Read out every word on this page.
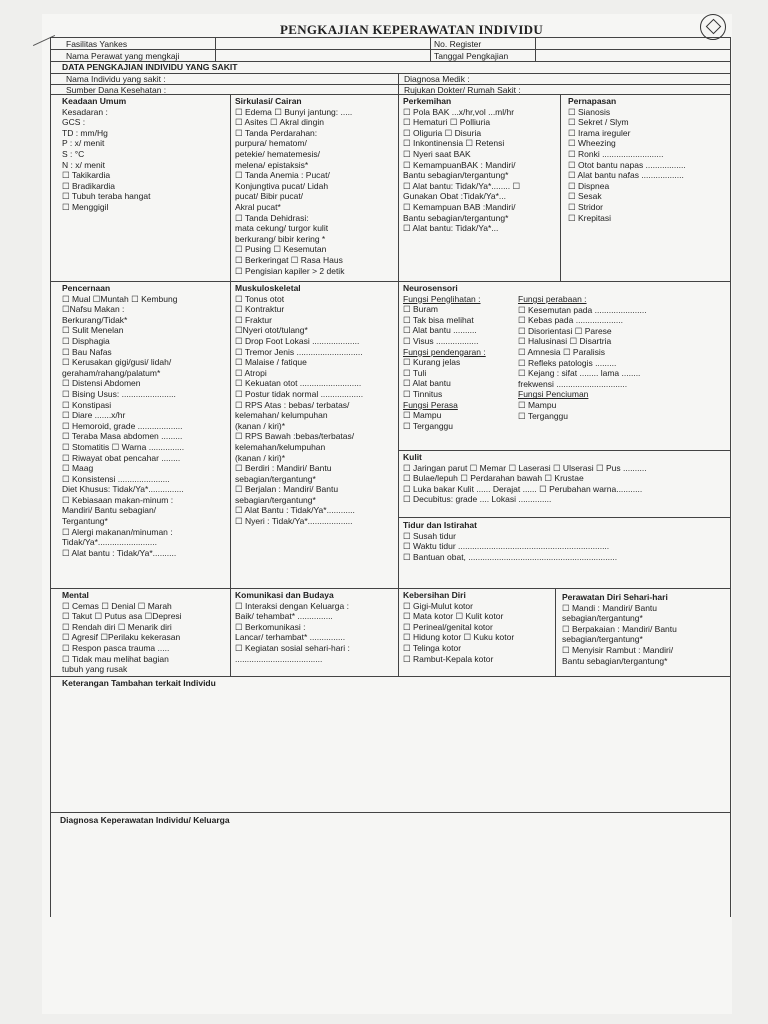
PENGKAJIAN KEPERAWATAN INDIVIDU
Fasilitas Yankes
Nama Perawat yang mengkaji
No. Register
Tanggal Pengkajian
DATA PENGKAJIAN INDIVIDU YANG SAKIT
Nama Individu yang sakit :
Sumber Dana Kesehatan :
Diagnosa Medik :
Rujukan Dokter/ Rumah Sakit :
Keadaan Umum
Kesadaran :
GCS :
TD : mm/Hg
P : x/ menit
S : °C
N : x/ menit
☐ Takikardia
☐ Bradikardia
☐ Tubuh teraba hangat
☐ Menggigil
Sirkulasi/ Cairan
☐ Edema ☐ Bunyi jantung: .....
☐ Asites ☐ Akral dingin
☐ Tanda Perdarahan:
purpura/ hematom/
petekie/ hematemesis/
melena/ epistaksis*
☐ Tanda Anemia : Pucat/
Konjungtiva pucat/ Lidah
pucat/ Bibir pucat/
Akral pucat*
☐ Tanda Dehidrasi:
mata cekung/ turgor kulit
berkurang/ bibir kering *
☐ Pusing ☐ Kesemutan
☐ Berkeringat ☐ Rasa Haus
☐ Pengisian kapiler > 2 detik
Perkemihan
☐ Pola BAK ...x/hr,vol ...ml/hr
☐ Hematuri ☐ Polliuria
☐ Oliguria ☐ Disuria
☐ Inkontinensia ☐ Retensi
☐ Nyeri saat BAK
☐ KemampuanBAK : Mandiri/
Bantu sebagian/tergantung*
☐ Alat bantu: Tidak/Ya*........ ☐
Gunakan Obat :Tidak/Ya*...
☐ Kemampuan BAB :Mandiri/
Bantu sebagian/tergantung*
☐ Alat bantu: Tidak/Ya*...
Pernapasan
☐ Sianosis
☐ Sekret / Slym
☐ Irama ireguler
☐ Wheezing
☐ Ronki ..........................
☐ Otot bantu napas .................
☐ Alat bantu nafas ..................
☐ Dispnea
☐ Sesak
☐ Stridor
☐ Krepitasi
Pencernaan
☐ Mual ☐Muntah ☐ Kembung
☐Nafsu Makan :
Berkurang/Tidak*
☐ Sulit Menelan
☐ Disphagia
☐ Bau Nafas
☐ Kerusakan gigi/gusi/ lidah/
geraham/rahang/palatum*
☐ Distensi Abdomen
☐ Bising Usus: .......................
☐ Konstipasi
☐ Diare .......x/hr
☐ Hemoroid, grade ...................
☐ Teraba Masa abdomen .........
☐ Stomatitis ☐ Warna ...............
☐ Riwayat obat pencahar ........
☐ Maag
☐ Konsistensi ......................
Diet Khusus: Tidak/Ya*...............
☐ Kebiasaan makan-minum :
Mandiri/ Bantu sebagian/
Tergantung*
☐ Alergi makanan/minuman :
Tidak/Ya*.........................
☐ Alat bantu : Tidak/Ya*..........
Muskuloskeletal
☐ Tonus otot
☐ Kontraktur
☐ Fraktur
☐Nyeri otot/tulang*
☐ Drop Foot Lokasi ....................
☐ Tremor Jenis ............................
☐ Malaise / fatique
☐ Atropi
☐ Kekuatan otot ..........................
☐ Postur tidak normal ..................
☐ RPS Atas : bebas/ terbatas/
kelemahan/ kelumpuhan
(kanan / kiri)*
☐ RPS Bawah :bebas/terbatas/
kelemahan/kelumpuhan
(kanan / kiri)*
☐ Berdiri : Mandiri/ Bantu
sebagian/tergantung*
☐ Berjalan : Mandiri/ Bantu
sebagian/tergantung*
☐ Alat Bantu : Tidak/Ya*............
☐ Nyeri : Tidak/Ya*...................
Neurosensori
Fungsi Penglihatan :
☐ Buram
☐ Tak bisa melihat
☐ Alat bantu ..........
☐ Visus ..................
Fungsi pendengaran :
☐ Kurang jelas
☐ Tuli
☐ Alat bantu
☐ Tinnitus
Fungsi Perasa
☐ Mampu
☐ Terganggu
Fungsi perabaan :
☐ Kesemutan pada ......................
☐ Kebas pada ....................
☐ Disorientasi ☐ Parese
☐ Halusinasi ☐ Disartria
☐ Amnesia ☐ Paralisis
☐ Refleks patologis .........
☐ Kejang : sifat ........ lama ........
frekwensi ..............................
Fungsi Penciuman
☐ Mampu
☐ Terganggu
Kulit
☐ Jaringan parut ☐ Memar ☐ Laserasi ☐ Ulserasi ☐ Pus ..........
☐ Bulae/lepuh ☐ Perdarahan bawah ☐ Krustae
☐ Luka bakar Kulit ...... Derajat ...... ☐ Perubahan warna...........
☐ Decubitus: grade .... Lokasi ..............
Tidur dan Istirahat
☐ Susah tidur
☐ Waktu tidur ................................................................
☐ Bantuan obat, ...............................................................
Mental
☐ Cemas ☐ Denial ☐ Marah
☐ Takut ☐ Putus asa ☐Depresi
☐ Rendah diri ☐ Menarik diri
☐ Agresif ☐Perilaku kekerasan
☐ Respon pasca trauma .....
☐ Tidak mau melihat bagian
tubuh yang rusak
Komunikasi dan Budaya
☐ Interaksi dengan Keluarga :
Baik/ tehambat* ...............
☐ Berkomunikasi :
Lancar/ terhambat* ...............
☐ Kegiatan sosial sehari-hari :
.....................................
Kebersihan Diri
☐ Gigi-Mulut kotor
☐ Mata kotor ☐ Kulit kotor
☐ Perineal/genital kotor
☐ Hidung kotor ☐ Kuku kotor
☐ Telinga kotor
☐ Rambut-Kepala kotor
Perawatan Diri Sehari-hari
☐ Mandi : Mandiri/ Bantu
sebagian/tergantung*
☐ Berpakaian : Mandiri/ Bantu
sebagian/tergantung*
☐ Menyisir Rambut : Mandiri/
Bantu sebagian/tergantung*
Keterangan Tambahan terkait Individu
Diagnosa Keperawatan Individu/ Keluarga
